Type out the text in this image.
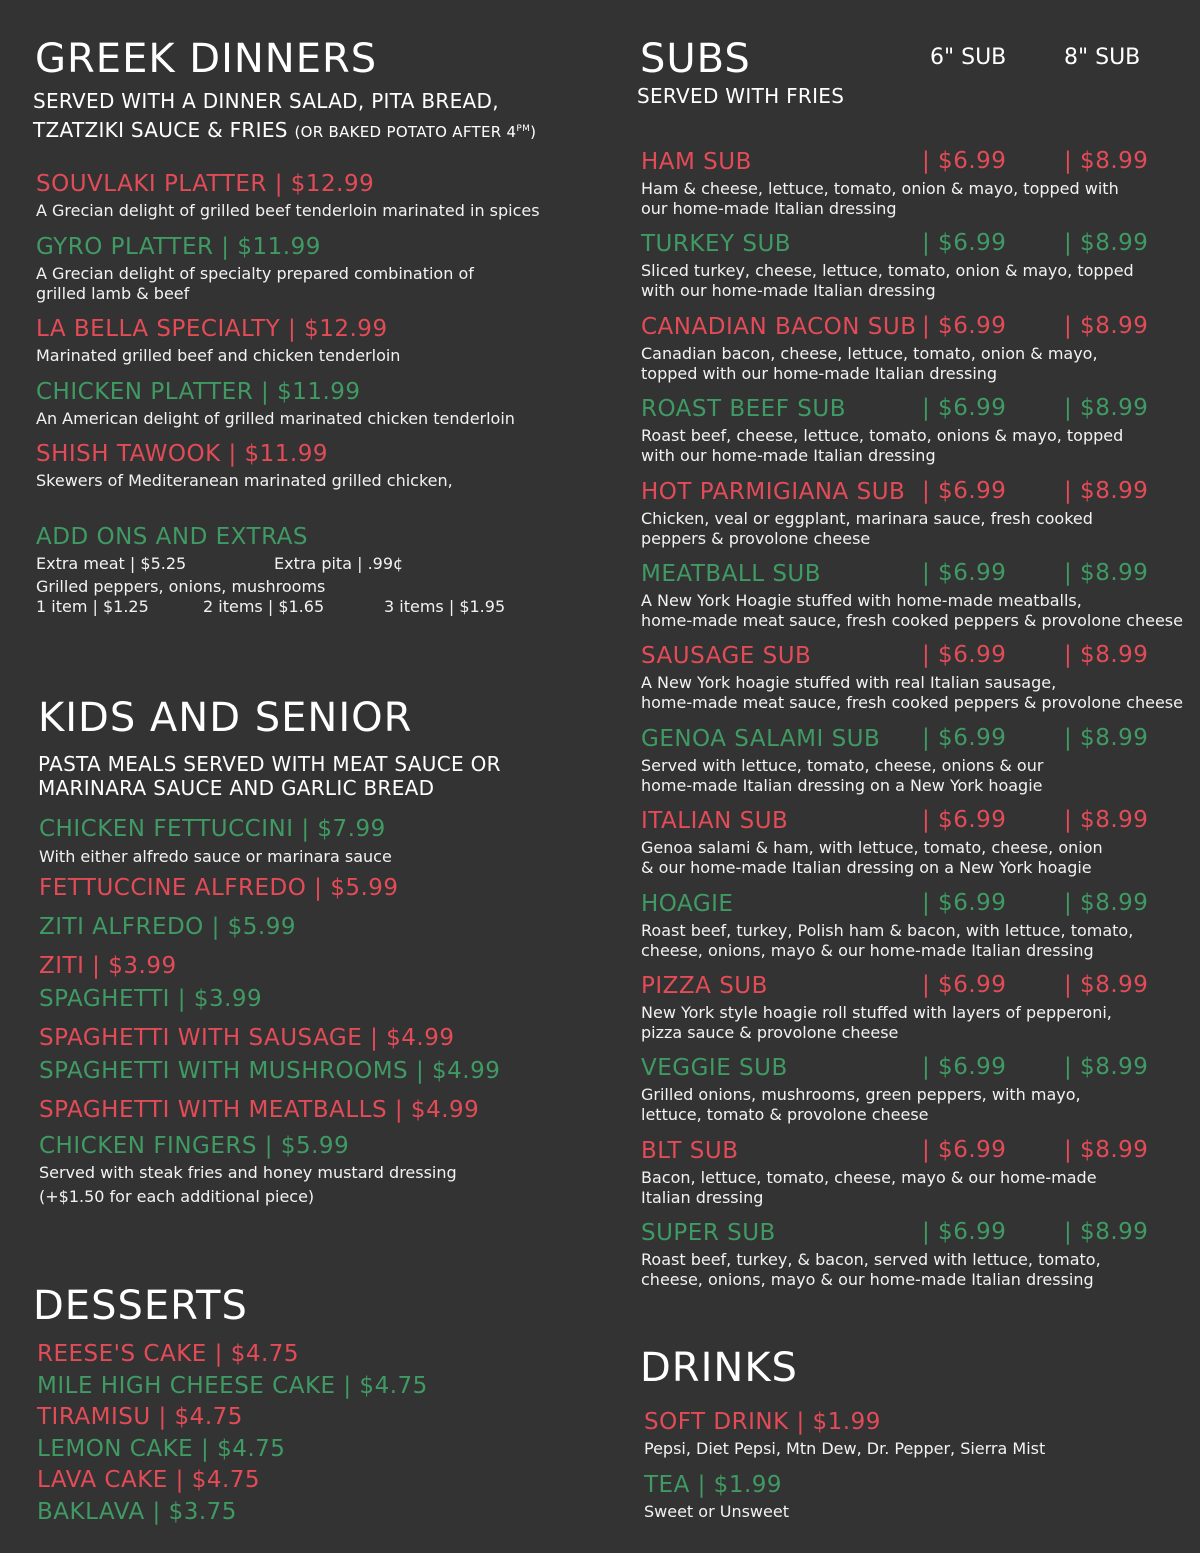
GREEK DINNERS
SERVED WITH A DINNER SALAD, PITA BREAD,
TZATZIKI SAUCE & FRIES (OR BAKED POTATO AFTER $4^{PM}$)
SOUVLAKI PLATTER | $12.99
A Grecian delight of grilled beef tenderloin marinated in spices
GYRO PLATTER | $11.99
A Grecian delight of specialty prepared combination of
grilled lamb & beef
LA BELLA SPECIALTY | $12.99
Marinated grilled beef and chicken tenderloin
CHICKEN PLATTER | $11.99
An American delight of grilled marinated chicken tenderloin
SHISH TAWOOK | $11.99
Skewers of Mediteranean marinated grilled chicken,
ADD ONS AND EXTRAS
Extra meat | $5.25	Extra pita | .99¢
Grilled peppers, onions, mushrooms
1 item | $1.25	2 items | $1.65	3 items | $1.95
KIDS AND SENIOR
PASTA MEALS SERVED WITH MEAT SAUCE OR
MARINARA SAUCE AND GARLIC BREAD
CHICKEN FETTUCCINI | $7.99
With either alfredo sauce or marinara sauce
FETTUCCINE ALFREDO | $5.99
ZITI ALFREDO | $5.99
ZITI | $3.99
SPAGHETTI | $3.99
SPAGHETTI WITH SAUSAGE | $4.99
SPAGHETTI WITH MUSHROOMS | $4.99
SPAGHETTI WITH MEATBALLS | $4.99
CHICKEN FINGERS | $5.99
Served with steak fries and honey mustard dressing
(+$1.50 for each additional piece)
DESSERTS
REESE'S CAKE | $4.75
MILE HIGH CHEESE CAKE | $4.75
TIRAMISU | $4.75
LEMON CAKE | $4.75
LAVA CAKE | $4.75
BAKLAVA | $3.75
SUBS
SERVED WITH FRIES
6" SUB	8" SUB
HAM SUB	| $6.99	| $8.99
Ham & cheese, lettuce, tomato, onion & mayo, topped with
our home-made Italian dressing
TURKEY SUB	| $6.99	| $8.99
Sliced turkey, cheese, lettuce, tomato, onion & mayo, topped
with our home-made Italian dressing
CANADIAN BACON SUB | $6.99	| $8.99
Canadian bacon, cheese, lettuce, tomato, onion & mayo,
topped with our home-made Italian dressing
ROAST BEEF SUB	| $6.99	| $8.99
Roast beef, cheese, lettuce, tomato, onions & mayo, topped
with our home-made Italian dressing
HOT PARMIGIANA SUB | $6.99	| $8.99
Chicken, veal or eggplant, marinara sauce, fresh cooked
peppers & provolone cheese
MEATBALL SUB	| $6.99	| $8.99
A New York Hoagie stuffed with home-made meatballs,
home-made meat sauce, fresh cooked peppers & provolone cheese
SAUSAGE SUB	| $6.99	| $8.99
A New York hoagie stuffed with real Italian sausage,
home-made meat sauce, fresh cooked peppers & provolone cheese
GENOA SALAMI SUB | $6.99	| $8.99
Served with lettuce, tomato, cheese, onions & our
home-made Italian dressing on a New York hoagie
ITALIAN SUB	| $6.99	| $8.99
Genoa salami & ham, with lettuce, tomato, cheese, onion
& our home-made Italian dressing on a New York hoagie
HOAGIE	| $6.99	| $8.99
Roast beef, turkey, Polish ham & bacon, with lettuce, tomato,
cheese, onions, mayo & our home-made Italian dressing
PIZZA SUB	| $6.99	| $8.99
New York style hoagie roll stuffed with layers of pepperoni,
pizza sauce & provolone cheese
VEGGIE SUB	| $6.99	| $8.99
Grilled onions, mushrooms, green peppers, with mayo,
lettuce, tomato & provolone cheese
BLT SUB	| $6.99	| $8.99
Bacon, lettuce, tomato, cheese, mayo & our home-made
Italian dressing
SUPER SUB	| $6.99	| $8.99
Roast beef, turkey, & bacon, served with lettuce, tomato,
cheese, onions, mayo & our home-made Italian dressing
DRINKS
SOFT DRINK | $1.99
Pepsi, Diet Pepsi, Mtn Dew, Dr. Pepper, Sierra Mist
TEA | $1.99
Sweet or Unsweet
